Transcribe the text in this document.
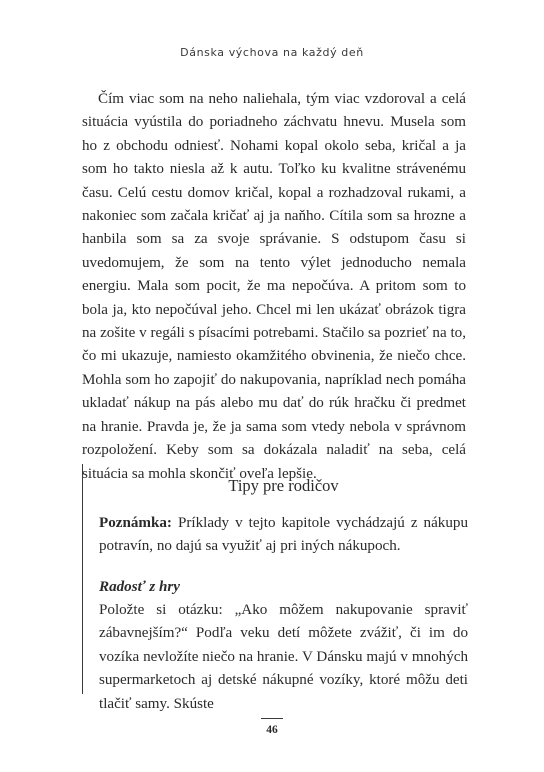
Dánska výchova na každý deň

Čím viac som na neho naliehala, tým viac vzdoroval a celá situácia vyústila do poriadneho záchvatu hnevu. Musela som ho z obchodu odniesť. Nohami kopal okolo seba, kričal a ja som ho takto niesla až k autu. Toľko ku kvalitne strávenému času. Celú cestu domov kričal, kopal a rozhadzoval rukami, a nakoniec som začala kričať aj ja naňho. Cítila som sa hrozne a hanbila som sa za svoje správanie. S odstupom času si uvedomujem, že som na tento výlet jednoducho nemala energiu. Mala som pocit, že ma nepočúva. A pritom som to bola ja, kto nepočúval jeho. Chcel mi len ukázať obrázok tigra na zošite v regáli s písacími potrebami. Stačilo sa pozrieť na to, čo mi ukazuje, namiesto okamžitého obvinenia, že niečo chce. Mohla som ho zapojiť do nakupovania, napríklad nech pomáha ukladať nákup na pás alebo mu dať do rúk hračku či predmet na hranie. Pravda je, že ja sama som vtedy nebola v správnom rozpoložení. Keby som sa dokázala naladiť na seba, celá situácia sa mohla skončiť oveľa lepšie.

Tipy pre rodičov

Poznámka: Príklady v tejto kapitole vychádzajú z nákupu potravín, no dajú sa využiť aj pri iných nákupoch.

Radosť z hry

Položte si otázku: „Ako môžem nakupovanie spraviť zábavnejším?“ Podľa veku detí môžete zvážiť, či im do vozíka nevložíte niečo na hranie. V Dánsku majú v mnohých supermarketoch aj detské nákupné vozíky, ktoré môžu deti tlačiť samy. Skúste

46
